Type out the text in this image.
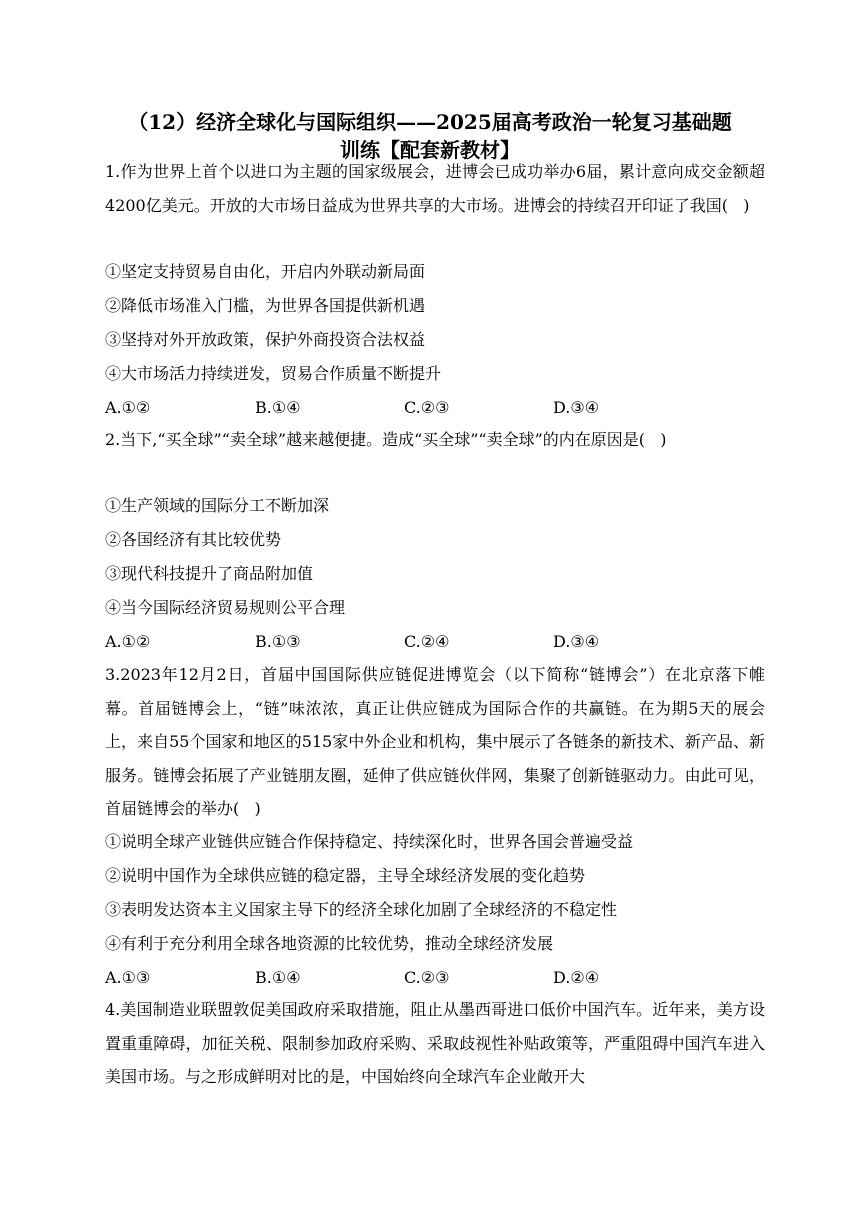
（12）经济全球化与国际组织——2025届高考政治一轮复习基础题
训练【配套新教材】
1.作为世界上首个以进口为主题的国家级展会，进博会已成功举办6届，累计意向成交金额超4200亿美元。开放的大市场日益成为世界共享的大市场。进博会的持续召开印证了我国(   )
①坚定支持贸易自由化，开启内外联动新局面
②降低市场准入门槛，为世界各国提供新机遇
③坚持对外开放政策，保护外商投资合法权益
④大市场活力持续迸发，贸易合作质量不断提升
A.①②	B.①④	C.②③	D.③④
2.当下,“买全球”“卖全球”越来越便捷。造成“买全球”“卖全球”的内在原因是(   )
①生产领域的国际分工不断加深
②各国经济有其比较优势
③现代科技提升了商品附加值
④当今国际经济贸易规则公平合理
A.①②	B.①③	C.②④	D.③④
3.2023年12月2日，首届中国国际供应链促进博览会（以下简称“链博会”）在北京落下帷幕。首届链博会上，“链”味浓浓，真正让供应链成为国际合作的共赢链。在为期5天的展会上，来自55个国家和地区的515家中外企业和机构，集中展示了各链条的新技术、新产品、新服务。链博会拓展了产业链朋友圈，延伸了供应链伙伴网，集聚了创新链驱动力。由此可见，首届链博会的举办(   )
①说明全球产业链供应链合作保持稳定、持续深化时，世界各国会普遍受益
②说明中国作为全球供应链的稳定器，主导全球经济发展的变化趋势
③表明发达资本主义国家主导下的经济全球化加剧了全球经济的不稳定性
④有利于充分利用全球各地资源的比较优势，推动全球经济发展
A.①③	B.①④	C.②③	D.②④
4.美国制造业联盟敦促美国政府采取措施，阻止从墨西哥进口低价中国汽车。近年来，美方设置重重障碍，加征关税、限制参加政府采购、采取歧视性补贴政策等，严重阻碍中国汽车进入美国市场。与之形成鲜明对比的是，中国始终向全球汽车企业敞开大
